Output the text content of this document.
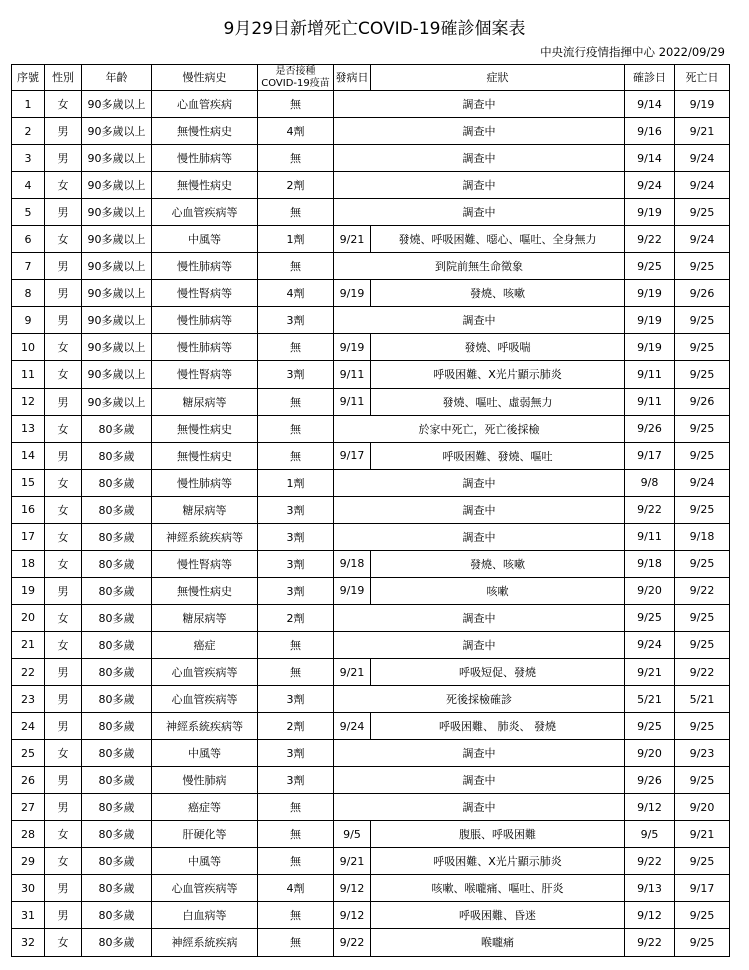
9月29日新增死亡COVID-19確診個案表
中央流行疫情指揮中心 2022/09/29
序號	性別	年齡	慢性病史	是否接種 COVID-19疫苗	發病日	症狀	確診日	死亡日
1	女	90多歲以上	心血管疾病	無	調查中		9/14	9/19
2	男	90多歲以上	無慢性病史	4劑	調查中		9/16	9/21
3	男	90多歲以上	慢性肺病等	無	調查中		9/14	9/24
4	女	90多歲以上	無慢性病史	2劑	調查中		9/24	9/24
5	男	90多歲以上	心血管疾病等	無	調查中		9/19	9/25
6	女	90多歲以上	中風等	1劑	9/21	發燒、呼吸困難、噁心、嘔吐、全身無力	9/22	9/24
7	男	90多歲以上	慢性肺病等	無	到院前無生命徵象		9/25	9/25
8	男	90多歲以上	慢性腎病等	4劑	9/19	發燒、咳嗽	9/19	9/26
9	男	90多歲以上	慢性肺病等	3劑	調查中		9/19	9/25
10	女	90多歲以上	慢性肺病等	無	9/19	發燒、呼吸喘	9/19	9/25
11	女	90多歲以上	慢性腎病等	3劑	9/11	呼吸困難、X光片顯示肺炎	9/11	9/25
12	男	90多歲以上	糖尿病等	無	9/11	發燒、嘔吐、虛弱無力	9/11	9/26
13	女	80多歲	無慢性病史	無	於家中死亡，死亡後採檢		9/26	9/25
14	男	80多歲	無慢性病史	無	9/17	呼吸困難、發燒、嘔吐	9/17	9/25
15	女	80多歲	慢性肺病等	1劑	調查中		9/8	9/24
16	女	80多歲	糖尿病等	3劑	調查中		9/22	9/25
17	女	80多歲	神經系統疾病等	3劑	調查中		9/11	9/18
18	女	80多歲	慢性腎病等	3劑	9/18	發燒、咳嗽	9/18	9/25
19	男	80多歲	無慢性病史	3劑	9/19	咳嗽	9/20	9/22
20	女	80多歲	糖尿病等	2劑	調查中		9/25	9/25
21	女	80多歲	癌症	無	調查中		9/24	9/25
22	男	80多歲	心血管疾病等	無	9/21	呼吸短促、發燒	9/21	9/22
23	男	80多歲	心血管疾病等	3劑	死後採檢確診		5/21	5/21
24	男	80多歲	神經系統疾病等	2劑	9/24	呼吸困難、 肺炎、 發燒	9/25	9/25
25	女	80多歲	中風等	3劑	調查中		9/20	9/23
26	男	80多歲	慢性肺病	3劑	調查中		9/26	9/25
27	男	80多歲	癌症等	無	調查中		9/12	9/20
28	女	80多歲	肝硬化等	無	9/5	腹脹、呼吸困難	9/5	9/21
29	女	80多歲	中風等	無	9/21	呼吸困難、X光片顯示肺炎	9/22	9/25
30	男	80多歲	心血管疾病等	4劑	9/12	咳嗽、喉嚨痛、嘔吐、肝炎	9/13	9/17
31	男	80多歲	白血病等	無	9/12	呼吸困難、昏迷	9/12	9/25
32	女	80多歲	神經系統疾病	無	9/22	喉嚨痛	9/22	9/25
